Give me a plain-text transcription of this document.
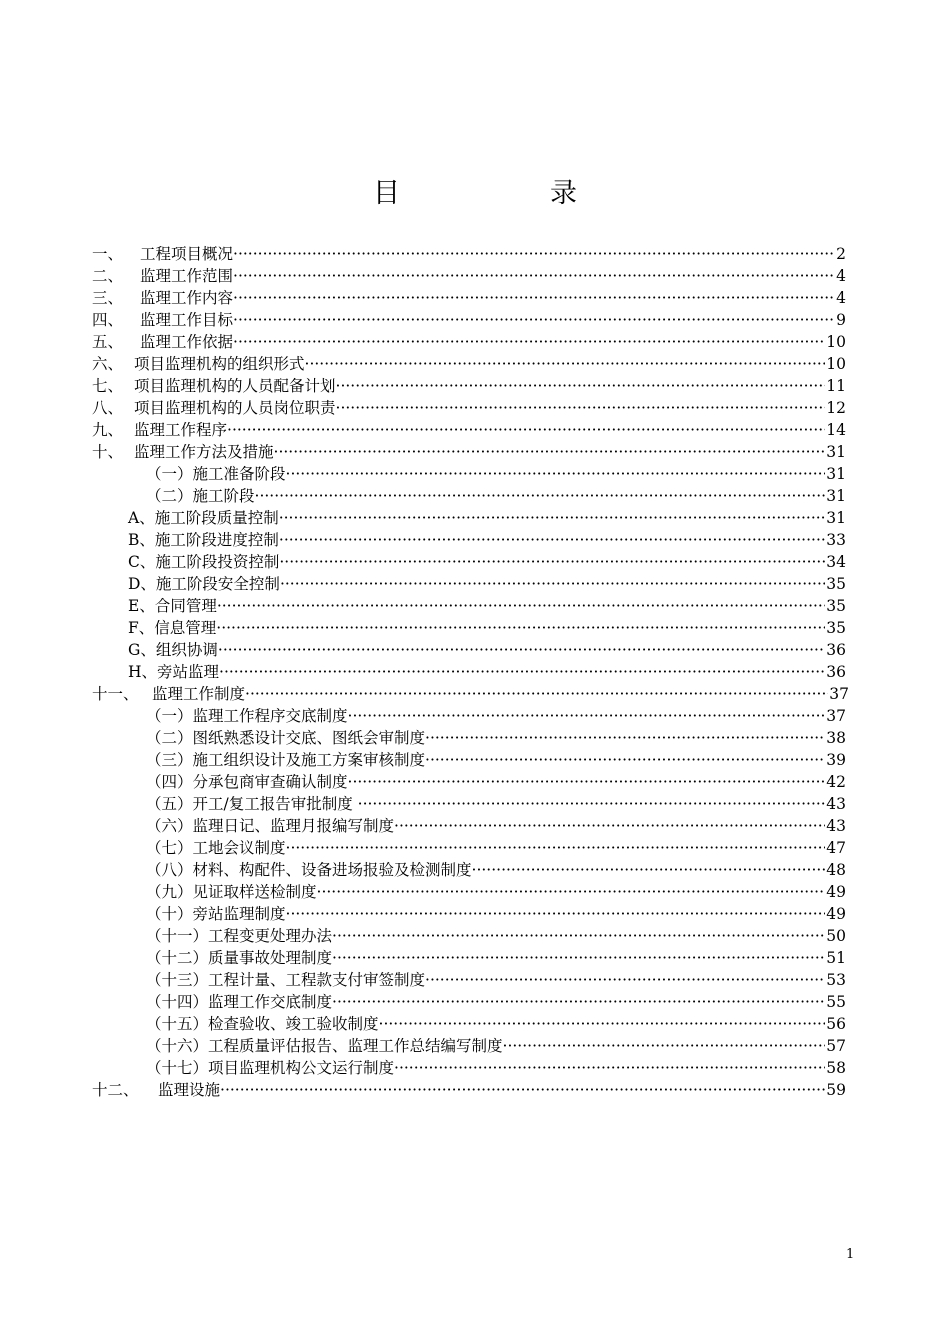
目	录
一、	工程项目概况 ·····	2
二、	监理工作范围 ·····	4
三、	监理工作内容 ·····	4
四、	监理工作目标 ·····	9
五、	监理工作依据 ·····	10
六、 项目监理机构的组织形式 ·····	10
七、 项目监理机构的人员配备计划 ·····	11
八、 项目监理机构的人员岗位职责 ·····	12
九、 监理工作程序 ·····	14
十、 监理工作方法及措施 ·····	31
（一）施工准备阶段 ·····	31
（二）施工阶段 ·····	31
A、施工阶段质量控制 ·····	31
B、施工阶段进度控制 ·····	33
C、施工阶段投资控制 ·····	34
D、施工阶段安全控制 ·····	35
E、合同管理 ·····	35
F、信息管理 ·····	35
G、组织协调 ·····	36
H、旁站监理 ·····	36
十一、 监理工作制度 ·····	37
（一）监理工作程序交底制度 ·····	37
（二）图纸熟悉设计交底、图纸会审制度 ·····	38
（三）施工组织设计及施工方案审核制度 ·····	39
（四）分承包商审查确认制度 ·····	42
（五）开工/复工报告审批制度 ·····	43
（六）监理日记、监理月报编写制度 ·····	43
（七）工地会议制度 ·····	47
（八）材料、构配件、设备进场报验及检测制度 ·····	48
（九）见证取样送检制度 ·····	49
（十）旁站监理制度 ·····	49
（十一）工程变更处理办法 ·····	50
（十二）质量事故处理制度 ·····	51
（十三）工程计量、工程款支付审签制度 ·····	53
（十四）监理工作交底制度 ·····	55
（十五）检查验收、竣工验收制度 ·····	56
（十六）工程质量评估报告、监理工作总结编写制度 ·····	57
（十七）项目监理机构公文运行制度 ·····	58
十二、	监理设施 ·····	59
1
